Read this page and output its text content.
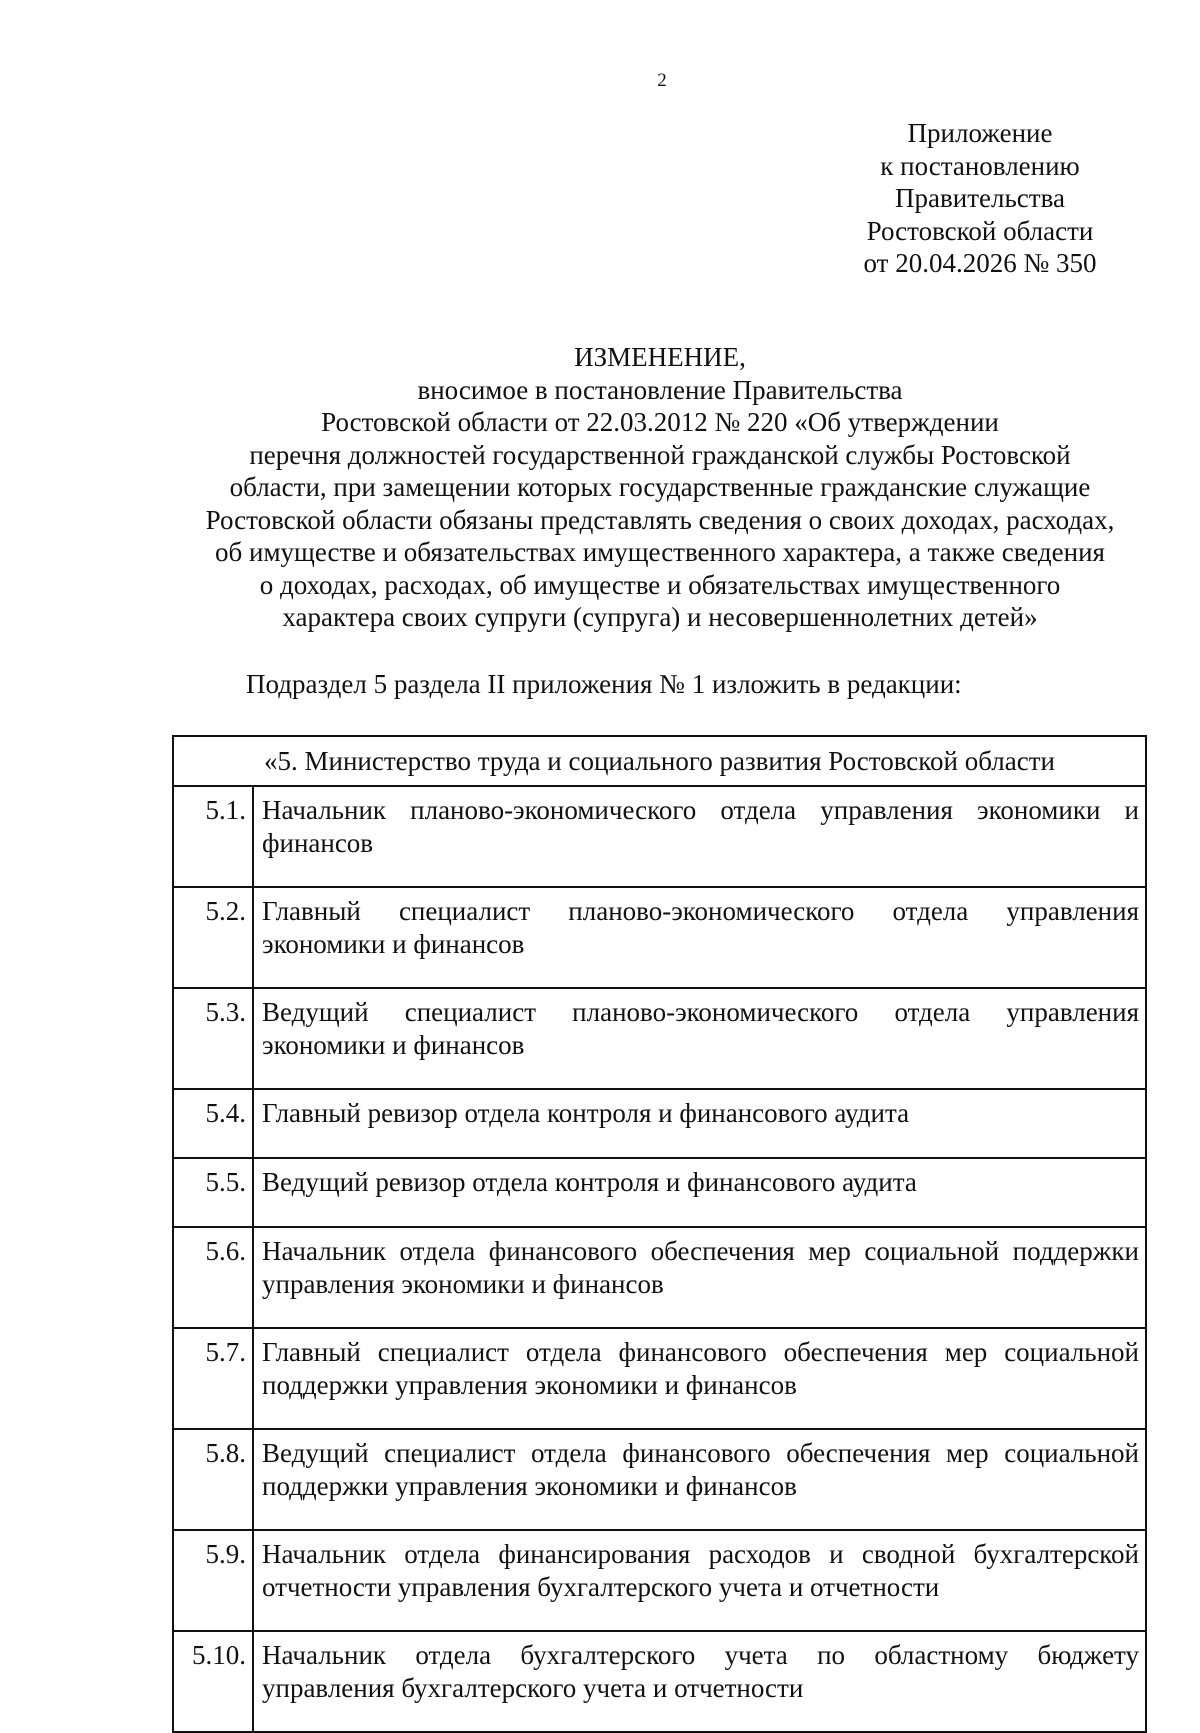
2
Приложение
к постановлению
Правительства
Ростовской области
от 20.04.2026 № 350
ИЗМЕНЕНИЕ,
вносимое в постановление Правительства
Ростовской области от 22.03.2012 № 220 «Об утверждении
перечня должностей государственной гражданской службы Ростовской
области, при замещении которых государственные гражданские служащие
Ростовской области обязаны представлять сведения о своих доходах, расходах,
об имуществе и обязательствах имущественного характера, а также сведения
о доходах, расходах, об имуществе и обязательствах имущественного
характера своих супруги (супруга) и несовершеннолетних детей»
Подраздел 5 раздела II приложения № 1 изложить в редакции:
«5. Министерство труда и социального развития Ростовской области	
5.1.	Начальник планово-экономического отдела управления экономики и финансов
5.2.	Главный специалист планово-экономического отдела управления экономики и финансов
5.3.	Ведущий специалист планово-экономического отдела управления экономики и финансов
5.4.	Главный ревизор отдела контроля и финансового аудита
5.5.	Ведущий ревизор отдела контроля и финансового аудита
5.6.	Начальник отдела финансового обеспечения мер социальной поддержки управления экономики и финансов
5.7.	Главный специалист отдела финансового обеспечения мер социальной поддержки управления экономики и финансов
5.8.	Ведущий специалист отдела финансового обеспечения мер социальной поддержки управления экономики и финансов
5.9.	Начальник отдела финансирования расходов и сводной бухгалтерской отчетности управления бухгалтерского учета и отчетности
5.10.	Начальник отдела бухгалтерского учета по областному бюджету управления бухгалтерского учета и отчетности
